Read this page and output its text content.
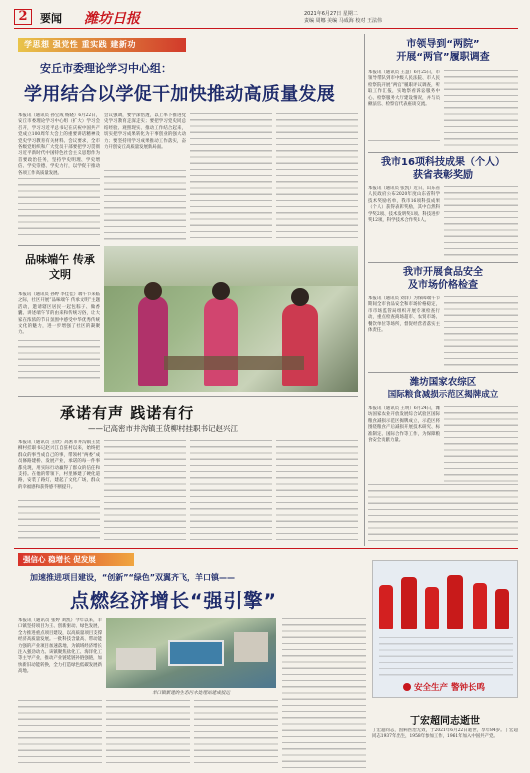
2	要闻 潍坊日报	2021年6月27日 星期二
责编 周娜 美编 马成海 校对 王法伟
学思想 强党性 重实践 建新功
安丘市委理论学习中心组：
学用结合以学促干加快推动高质量发展
本报讯（通讯员 孙宝成 杨晓）6月22日，安丘市委理论学习中心组（扩大）学习会召开，学习习近平总书记在庆祝中国共产党成立100周年大会上的重要讲话精神及党史学习教育有关材料。会议要求，全市各级党组织和广大党员干部要把学习贯彻习近平新时代中国特色社会主义思想作为首要政治任务，坚持学史明理、学史增信、学史崇德、学史力行，以学促干推动各项工作高质量发展。
会议强调，要学深悟透，以上率下推进党史学习教育走深走实；要把学习党史同总结经验、观照现实、推动工作结合起来，切实把学习成果转化为干事创业的强大动力；要坚持用学习成果推动工作落实，奋力开创安丘高质量发展新局面。
品味端午 传承文明
本报讯（通讯员 孙婷 李佳佳）端午节来临之际，社区开展“品味端午 传承文明”主题活动，邀请辖区居民一起包粽子、做香囊、讲述端午节的由来和传统习俗，让大家在浓浓的节日氛围中感受中华优秀传统文化的魅力，进一步增强了社区的凝聚力。
承诺有声 践诺有行
——记高密市井沟镇王货柳村挂职书记赵兴江
本报讯（通讯员 王欣）高密市井沟镇王货柳村挂职书记赵兴江自驻村以来，始终把群众的事当成自己的事，带领村“两委”成员修路建桥、发展产业，承诺的每一件事都兑现，用实际行动赢得了群众的信任和支持。在他的带领下，村里修建了硬化道路，安装了路灯，建起了文化广场，群众的幸福感和获得感不断提升。
市领导到“两院”
开展“两官”履职调查
本报讯（通讯员 王慧）6月25日，市领导带队到市中级人民法院、市人民检察院开展“两官”履职评议调查，听取工作汇报，实地察看诉讼服务中心、检察服务大厅建设情况，并与员额法官、检察官代表座谈交流。
我市16项科技成果（个人）
获省表彰奖励
本报讯（通讯员 张凯）近日，山东省人民政府公布2020年度山东省科学技术奖励名单，我市16项科技成果（个人）获得表彰奖励，其中自然科学奖2项、技术发明奖1项、科技进步奖12项，科学技术合作奖1人。
我市开展食品安全
及市场价格检查
本报讯（通讯员 刘洋）为保障端午节期间全市食品安全和市场价格稳定，市市场监管局组织开展专项检查行动，重点检查商场超市、农贸市场、餐饮单位等场所，督促经营者落实主体责任。
潍坊国家农综区
国际粮食减损示范区揭牌成立
本报讯（通讯员 王明）6月24日，潍坊国家农业开放发展综合试验区国际粮食减损示范区揭牌成立，示范区将围绕粮食产后减损开展技术研究、标准制定、国际合作等工作，为保障粮食安全贡献力量。
强信心 稳增长 促发展
加速推进项目建设，“创新”“绿色”双翼齐飞，羊口镇——
点燃经济增长“强引擎”
本报讯（通讯员 张婷 刘凯）今年以来，羊口镇坚持项目为王、创新驱动、绿色发展，全力推进重点项目建设，以高质量项目支撑经济高质量发展。一批科技含量高、带动能力强的产业项目加速落地，为镇域经济增长注入强劲动力。该镇聚焦盐化工、海洋化工等主导产业，推动产业链延链补链强链，加快新旧动能转换，全力打造绿色低碳发展新高地。
羊口镇新建的生态污水处理站建成投运
安全生产 警钟长鸣
丁宏超同志逝世
丁宏超同志，因病医治无效，于2021年6月22日逝世，享年84岁。丁宏超同志1937年出生，1958年参加工作，1961年加入中国共产党。
